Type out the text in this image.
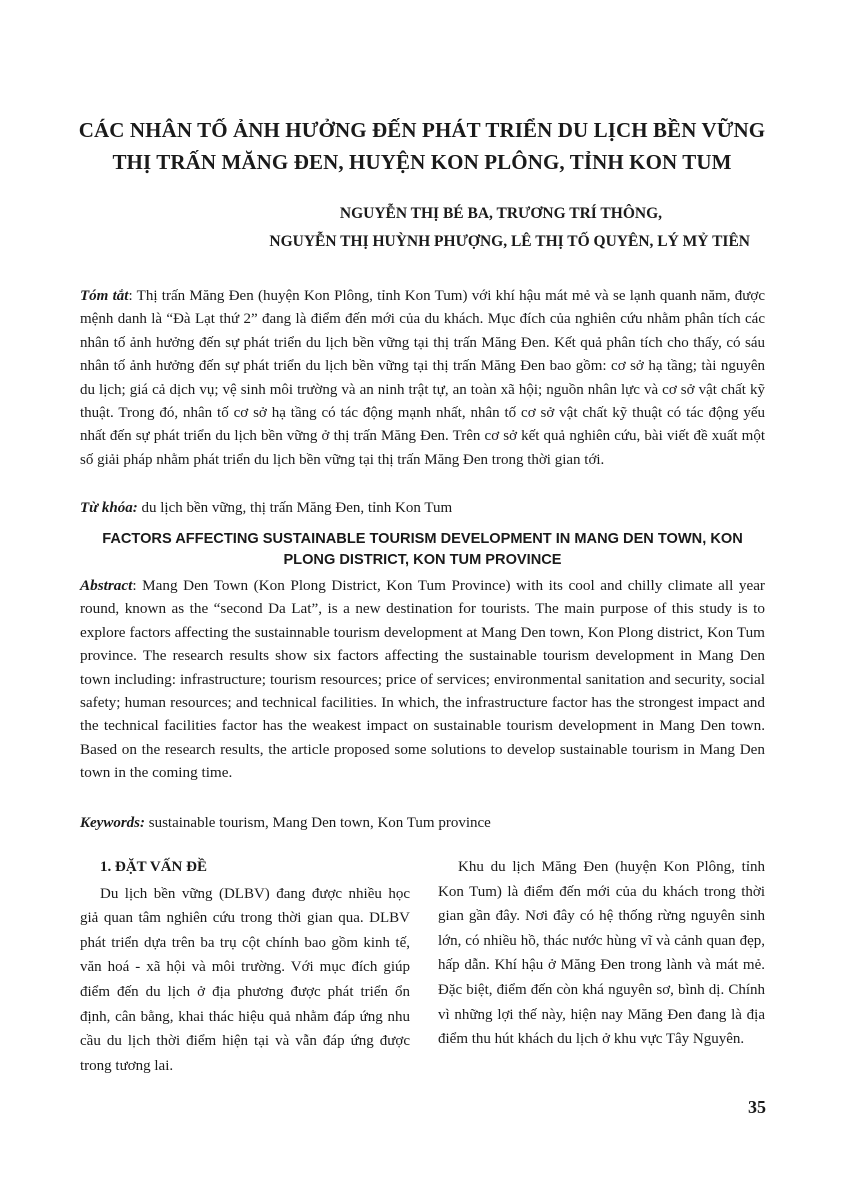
CÁC NHÂN TỐ ẢNH HƯỞNG ĐẾN PHÁT TRIỂN DU LỊCH BỀN VỮNG THỊ TRẤN MĂNG ĐEN, HUYỆN KON PLÔNG, TỈNH KON TUM
NGUYỄN THỊ BÉ BA, TRƯƠNG TRÍ THÔNG,
NGUYỄN THỊ HUỲNH PHƯỢNG, LÊ THỊ TỐ QUYÊN, LÝ MỶ TIÊN
Tóm tắt: Thị trấn Măng Đen (huyện Kon Plông, tỉnh Kon Tum) với khí hậu mát mẻ và se lạnh quanh năm, được mệnh danh là “Đà Lạt thứ 2” đang là điểm đến mới của du khách. Mục đích của nghiên cứu nhằm phân tích các nhân tố ảnh hưởng đến sự phát triển du lịch bền vững tại thị trấn Măng Đen. Kết quả phân tích cho thấy, có sáu nhân tố ảnh hưởng đến sự phát triển du lịch bền vững tại thị trấn Măng Đen bao gồm: cơ sở hạ tầng; tài nguyên du lịch; giá cả dịch vụ; vệ sinh môi trường và an ninh trật tự, an toàn xã hội; nguồn nhân lực và cơ sở vật chất kỹ thuật. Trong đó, nhân tố cơ sở hạ tầng có tác động mạnh nhất, nhân tố cơ sở vật chất kỹ thuật có tác động yếu nhất đến sự phát triển du lịch bền vững ở thị trấn Măng Đen. Trên cơ sở kết quả nghiên cứu, bài viết đề xuất một số giải pháp nhằm phát triển du lịch bền vững tại thị trấn Măng Đen trong thời gian tới.
Từ khóa: du lịch bền vững, thị trấn Măng Đen, tỉnh Kon Tum
FACTORS AFFECTING SUSTAINABLE TOURISM DEVELOPMENT IN MANG DEN TOWN, KON PLONG DISTRICT, KON TUM PROVINCE
Abstract: Mang Den Town (Kon Plong District, Kon Tum Province) with its cool and chilly climate all year round, known as the “second Da Lat”, is a new destination for tourists. The main purpose of this study is to explore factors affecting the sustainnable tourism development at Mang Den town, Kon Plong district, Kon Tum province. The research results show six factors affecting the sustainable tourism development in Mang Den town including: infrastructure; tourism resources; price of services; environmental sanitation and security, social safety; human resources; and technical facilities. In which, the infrastructure factor has the strongest impact and the technical facilities factor has the weakest impact on sustainable tourism development in Mang Den town. Based on the research results, the article proposed some solutions to develop sustainable tourism in Mang Den town in the coming time.
Keywords: sustainable tourism, Mang Den town, Kon Tum province
1. ĐẶT VẤN ĐỀ

Du lịch bền vững (DLBV) đang được nhiều học giả quan tâm nghiên cứu trong thời gian qua. DLBV phát triển dựa trên ba trụ cột chính bao gồm kinh tế, văn hoá - xã hội và môi trường. Với mục đích giúp điểm đến du lịch ở địa phương được phát triển ổn định, cân bằng, khai thác hiệu quả nhằm đáp ứng nhu cầu du lịch thời điểm hiện tại và vẫn đáp ứng được trong tương lai.

Khu du lịch Măng Đen (huyện Kon Plông, tỉnh Kon Tum) là điểm đến mới của du khách trong thời gian gần đây. Nơi đây có hệ thống rừng nguyên sinh lớn, có nhiều hồ, thác nước hùng vĩ và cảnh quan đẹp, hấp dẫn. Khí hậu ở Măng Đen trong lành và mát mẻ. Đặc biệt, điểm đến còn khá nguyên sơ, bình dị. Chính vì những lợi thế này, hiện nay Măng Đen đang là địa điểm thu hút khách du lịch ở khu vực Tây Nguyên.

35
